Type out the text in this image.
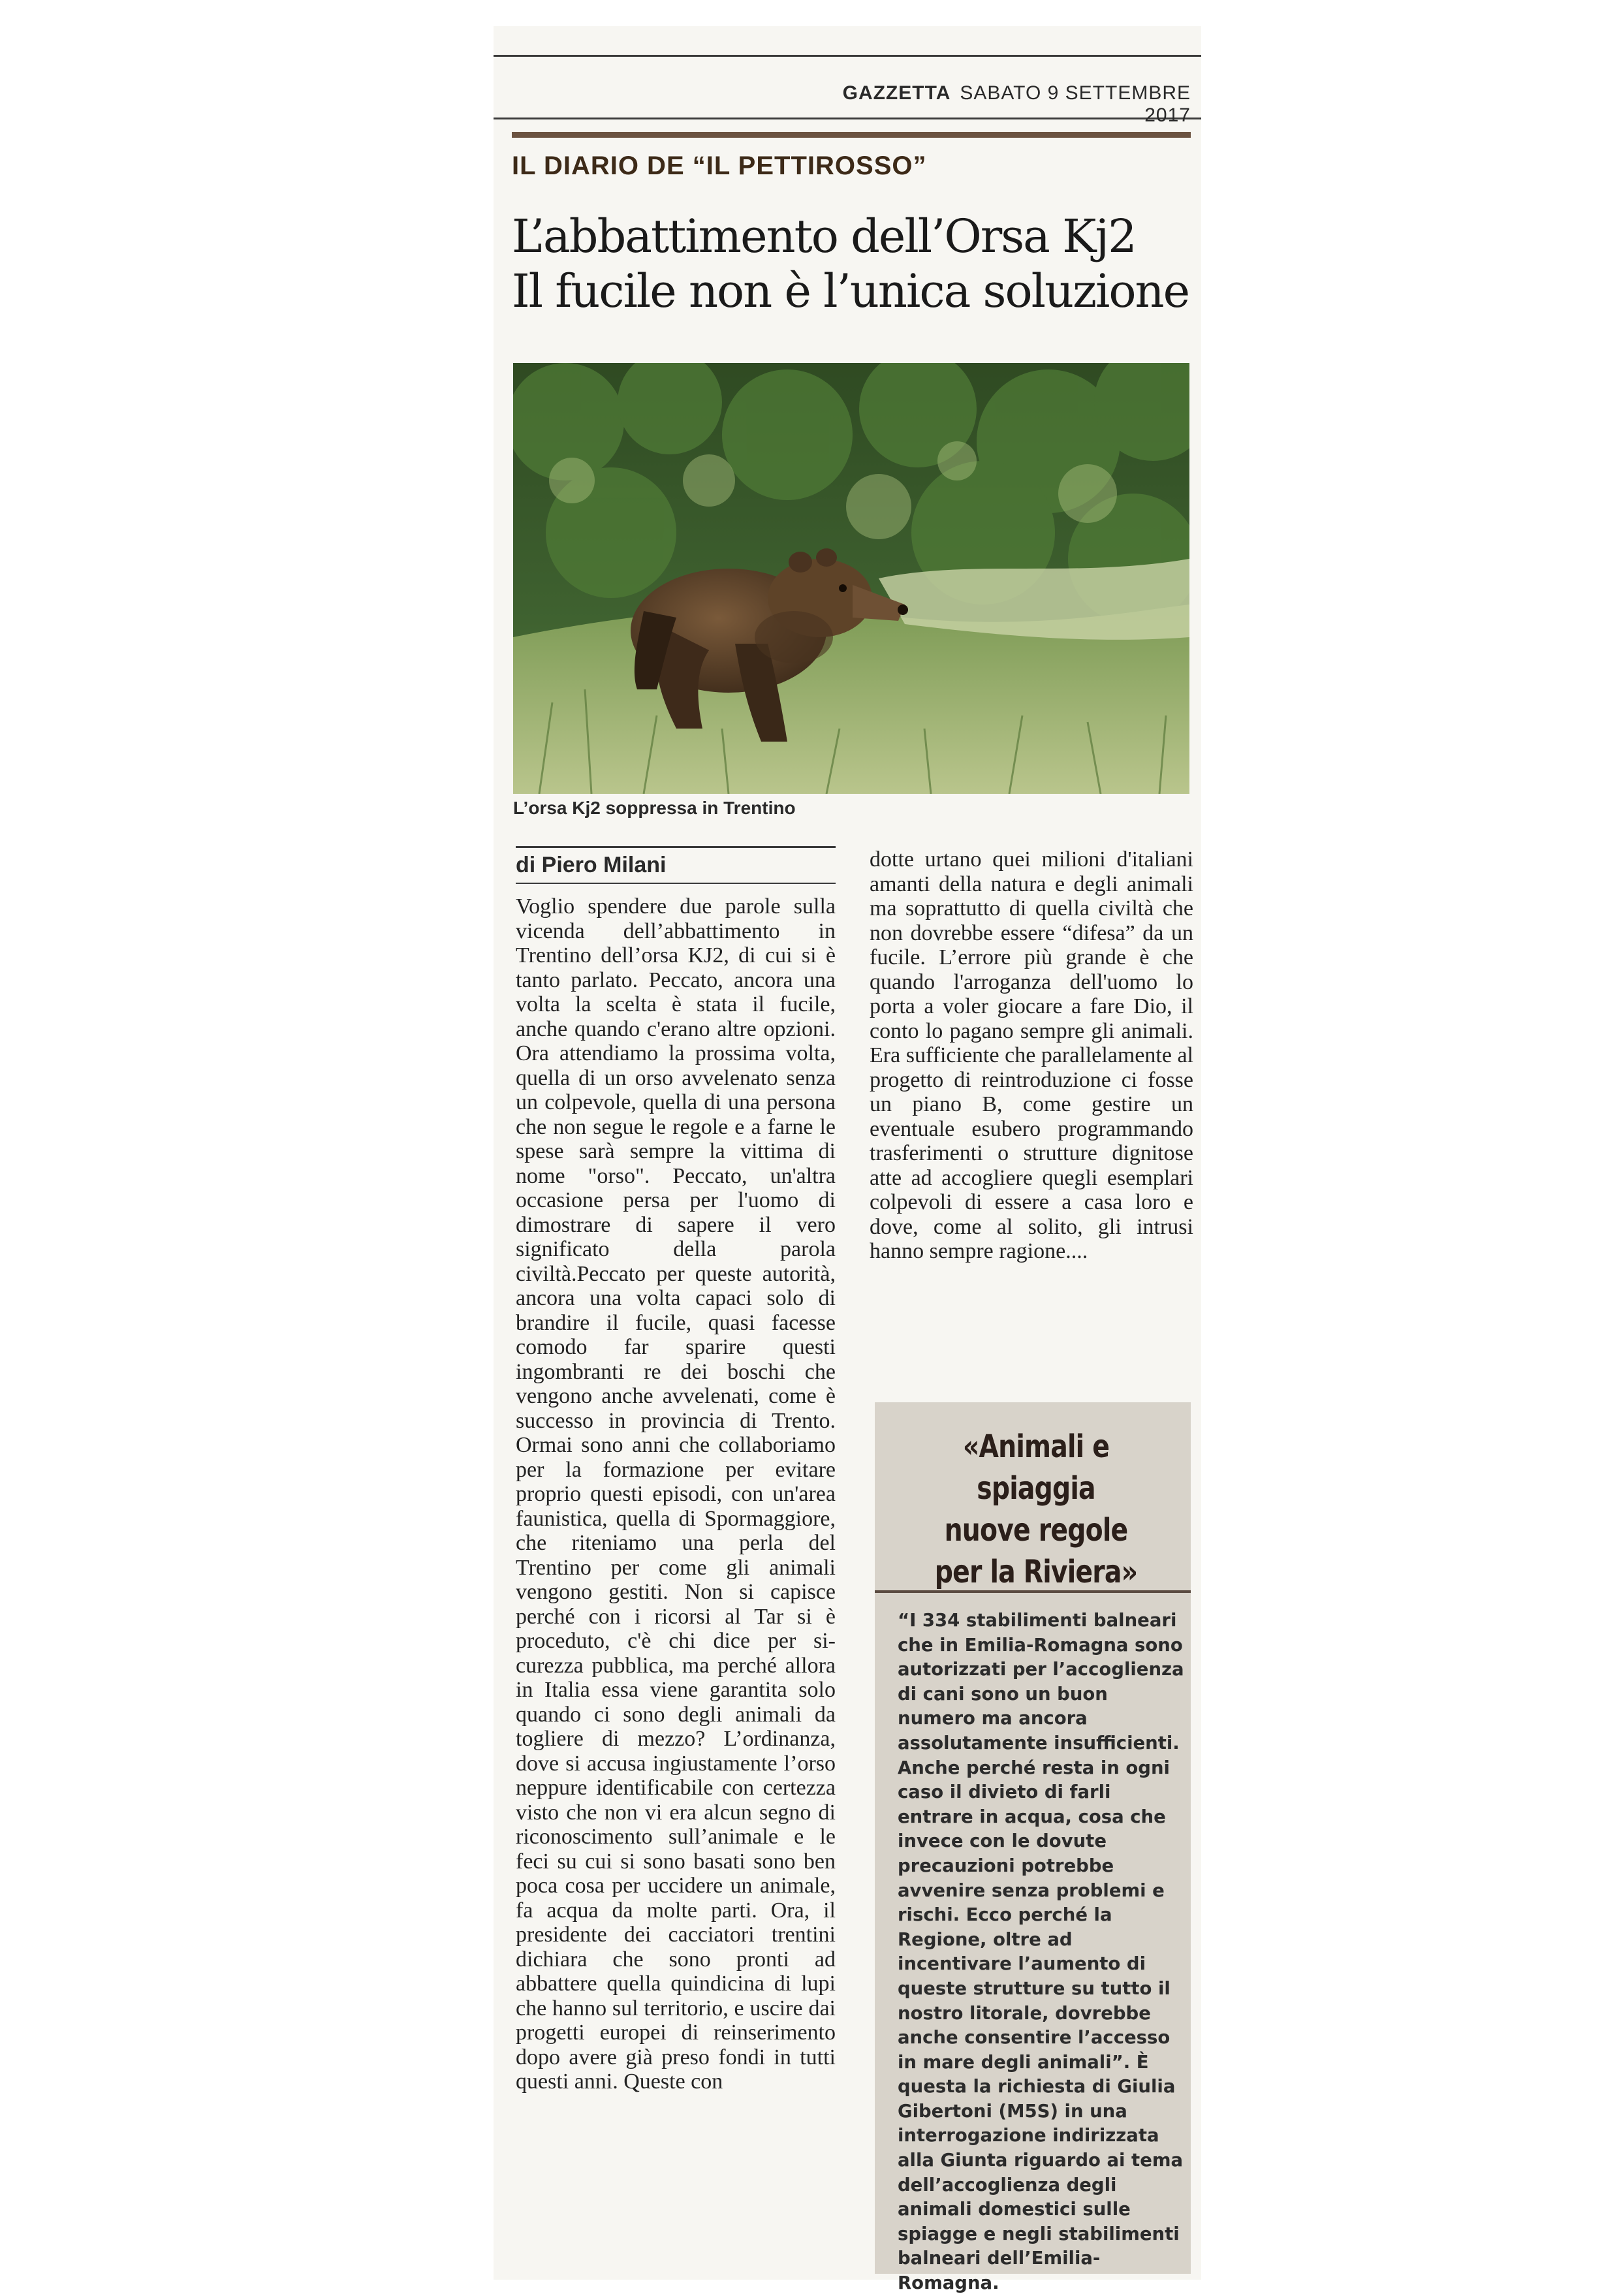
GAZZETTA SABATO 9 SETTEMBRE 2017
IL DIARIO DE “IL PETTIROSSO”
L’abbattimento dell’Orsa Kj2
Il fucile non è l’unica soluzione
L’orsa Kj2 soppressa in Trentino
di Piero Milani
Voglio spendere due parole sulla vicenda dell’abbattimento in Trentino dell’orsa KJ2, di cui si è tanto parlato. Peccato, ancora una volta la scelta è stata il fucile, anche quando c'erano altre opzioni. Ora attendiamo la prossima volta, quella di un orso avvelenato senza un colpevole, quella di una persona che non segue le regole e a farne le spese sarà sempre la vittima di nome "orso". Peccato, un'altra occasione persa per l'uomo di dimostrare di sapere il vero significato della parola civiltà.Peccato per queste autorità, ancora una volta capaci solo di brandire il fucile, quasi facesse comodo far sparire questi ingombranti re dei boschi che vengono anche avvelenati, come è successo in provincia di Trento. Ormai sono anni che collaboriamo per la formazione per evitare proprio questi episodi, con un'area faunistica, quella di Spormaggiore, che riteniamo una perla del Trentino per come gli animali vengono gestiti. Non si capisce perché con i ricorsi al Tar si è proceduto, c'è chi dice per sicurezza pubblica, ma perché allora in Italia essa viene garantita solo quando ci sono degli animali da togliere di mezzo? L’ordinanza, dove si accusa ingiustamente l’orso neppure identificabile con certezza visto che non vi era alcun segno di riconoscimento sull’animale e le feci su cui si sono basati sono ben poca cosa per uccidere un animale, fa acqua da molte parti. Ora, il presidente dei cacciatori trentini dichiara che sono pronti ad abbattere quella quindicina di lupi che hanno sul territorio, e uscire dai progetti europei di reinserimento dopo avere già preso fondi in tutti questi anni. Queste con
dotte urtano quei milioni d'italiani amanti della natura e degli animali ma soprattutto di quella civiltà che non dovrebbe essere “difesa” da un fucile. L’errore più grande è che quando l'arroganza dell'uomo lo porta a voler giocare a fare Dio, il conto lo pagano sempre gli animali. Era sufficiente che parallelamente al progetto di reintroduzione ci fosse un piano B, come gestire un eventuale esubero programmando trasferimenti o strutture dignitose atte ad accogliere quegli esemplari colpevoli di essere a casa loro e dove, come al solito, gli intrusi hanno sempre ragione....
«Animali e spiaggia
nuove regole
per la Riviera»
“I 334 stabilimenti balneari che in Emilia-Romagna sono autorizzati per l’accoglienza di cani sono un buon numero ma ancora assolutamente insufficienti. Anche perché resta in ogni caso il divieto di farli entrare in acqua, cosa che invece con le dovute precauzioni potrebbe avvenire senza problemi e rischi. Ecco perché la Regione, oltre ad incentivare l’aumento di queste strutture su tutto il nostro litorale, dovrebbe anche consentire l’accesso in mare degli animali”. È questa la richiesta di Giulia Gibertoni (M5S) in una interrogazione indirizzata alla Giunta riguardo ai tema dell’accoglienza degli animali domestici sulle spiagge e negli stabilimenti balneari dell’Emilia-Romagna.
